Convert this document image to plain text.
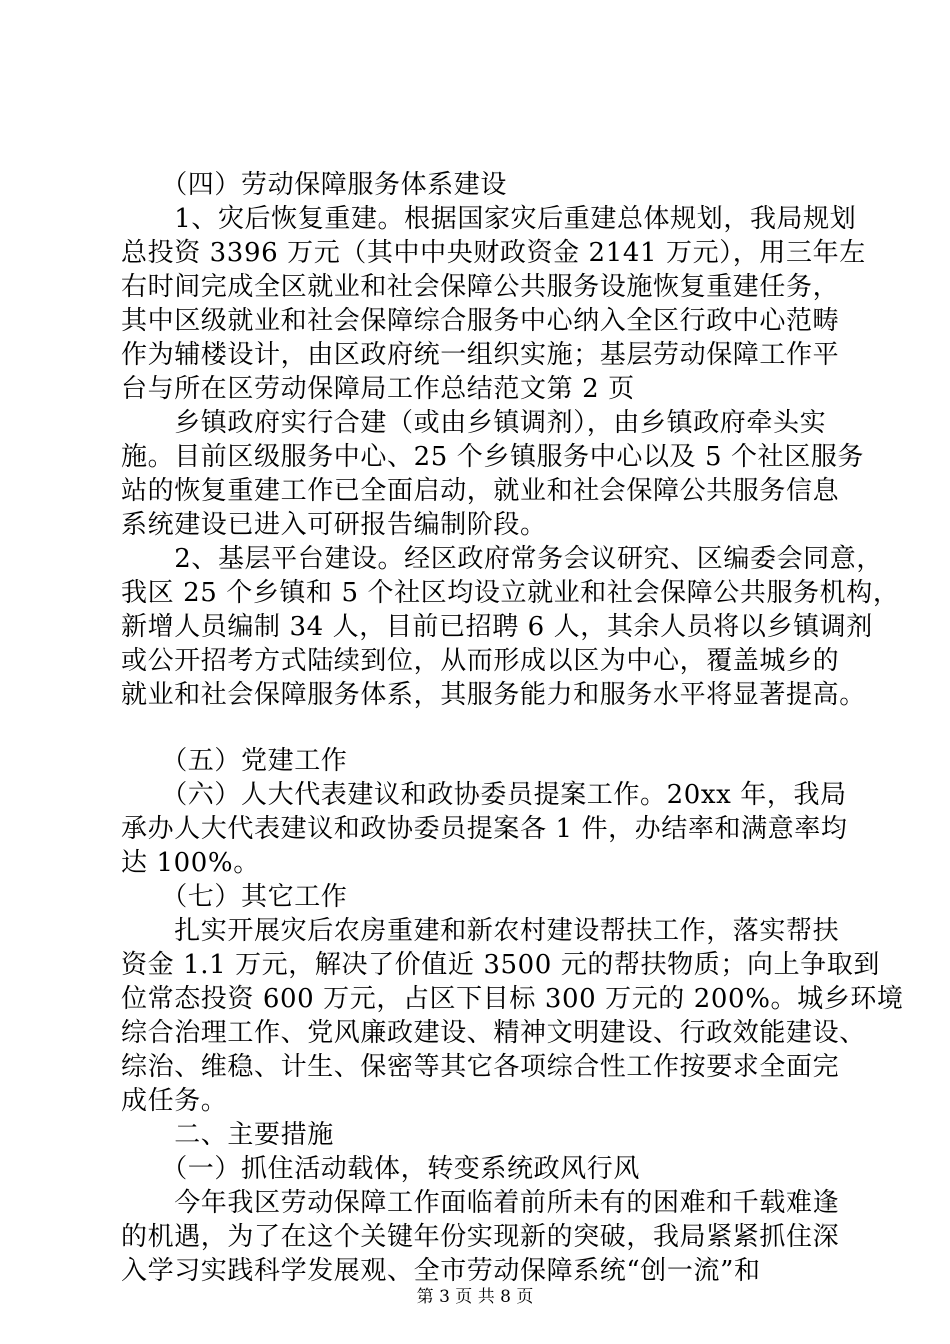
　　（四）劳动保障服务体系建设

　　1、灾后恢复重建。根据国家灾后重建总体规划，我局规划

总投资 3396 万元（其中中央财政资金 2141 万元），用三年左

右时间完成全区就业和社会保障公共服务设施恢复重建任务，

其中区级就业和社会保障综合服务中心纳入全区行政中心范畴

作为辅楼设计，由区政府统一组织实施；基层劳动保障工作平

台与所在区劳动保障局工作总结范文第 2 页

　　乡镇政府实行合建（或由乡镇调剂），由乡镇政府牵头实

施。目前区级服务中心、25 个乡镇服务中心以及 5 个社区服务

站的恢复重建工作已全面启动，就业和社会保障公共服务信息

系统建设已进入可研报告编制阶段。

　　2、基层平台建设。经区政府常务会议研究、区编委会同意，

我区 25 个乡镇和 5 个社区均设立就业和社会保障公共服务机构，

新增人员编制 34 人，目前已招聘 6 人，其余人员将以乡镇调剂

或公开招考方式陆续到位，从而形成以区为中心，覆盖城乡的

就业和社会保障服务体系，其服务能力和服务水平将显著提高。

　　（五）党建工作

　　（六）人大代表建议和政协委员提案工作。20xx 年，我局

承办人大代表建议和政协委员提案各 1 件，办结率和满意率均

达 100%。

　　（七）其它工作

　　扎实开展灾后农房重建和新农村建设帮扶工作，落实帮扶

资金 1.1 万元，解决了价值近 3500 元的帮扶物质；向上争取到

位常态投资 600 万元，占区下目标 300 万元的 200%。城乡环境

综合治理工作、党风廉政建设、精神文明建设、行政效能建设、

综治、维稳、计生、保密等其它各项综合性工作按要求全面完

成任务。

　　二、主要措施

　　（一）抓住活动载体，转变系统政风行风

　　今年我区劳动保障工作面临着前所未有的困难和千载难逢

的机遇，为了在这个关键年份实现新的突破，我局紧紧抓住深

入学习实践科学发展观、全市劳动保障系统“创一流”和

第 3 页 共 8 页
